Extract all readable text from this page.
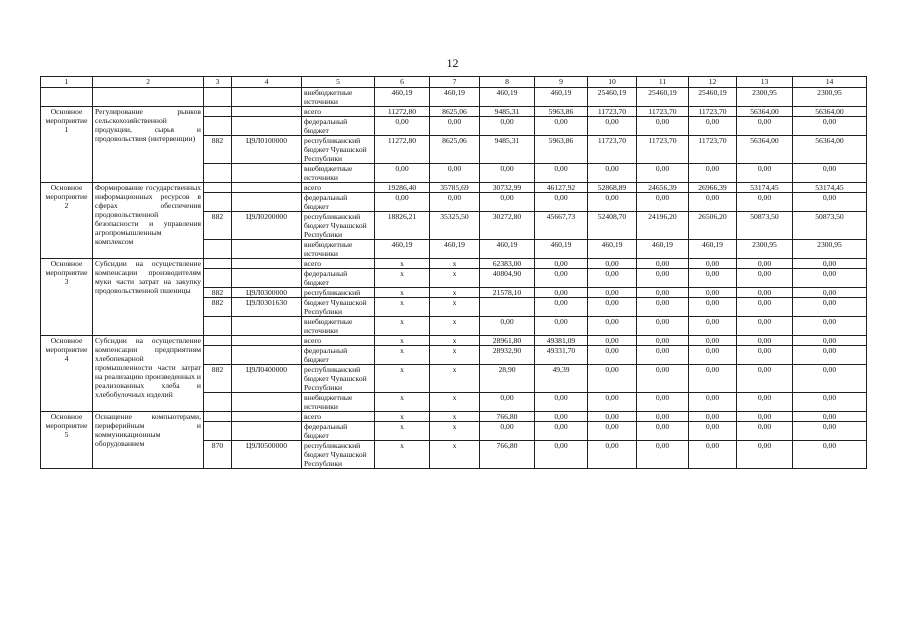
12
1	2	3	4	5	6	7	8	9	10	11	12	13	14
				внебюджетные источники	460,19	460,19	460,19	460,19	25460,19	25460,19	25460,19	2300,95	2300,95
Основное мероприятие 1	Регулирование рынков сельскохозяйственной продукции, сырья и продовольствия (интервенции)			всего	11272,80	8625,06	9485,31	5963,86	11723,70	11723,70	11723,70	56364,00	56364,00
				федеральный бюджет	0,00	0,00	0,00	0,00	0,00	0,00	0,00	0,00	0,00
		882	Ц9Л0100000	республиканский бюджет Чувашской Республики	11272,80	8625,06	9485,31	5963,86	11723,70	11723,70	11723,70	56364,00	56364,00
				внебюджетные источники	0,00	0,00	0,00	0,00	0,00	0,00	0,00	0,00	0,00
Основное мероприятие 2	Формирование государственных информационных ресурсов в сферах обеспечения продовольственной безопасности и управления агропромышленным комплексом			всего	19286,40	35785,69	30732,99	46127,92	52868,89	24656,39	26966,39	53174,45	53174,45
				федеральный бюджет	0,00	0,00	0,00	0,00	0,00	0,00	0,00	0,00	0,00
		882	Ц9Л0200000	республиканский бюджет Чувашской Республики	18826,21	35325,50	30272,80	45667,73	52408,70	24196,20	26506,20	50873,50	50873,50
				внебюджетные источники	460,19	460,19	460,19	460,19	460,19	460,19	460,19	2300,95	2300,95
Основное мероприятие 3	Субсидии на осуществление компенсации производителям муки части затрат на закупку продовольственной пшеницы			всего	х	х	62383,00	0,00	0,00	0,00	0,00	0,00	0,00
				федеральный бюджет	х	х	40804,90	0,00	0,00	0,00	0,00	0,00	0,00
		882	Ц9Л0300000	республиканский	х	х	21578,10	0,00	0,00	0,00	0,00	0,00	0,00
		882	Ц9Л0301630	бюджет Чувашской Республики	х	х		0,00	0,00	0,00	0,00	0,00	0,00
				внебюджетные источники	х	х	0,00	0,00	0,00	0,00	0,00	0,00	0,00
Основное мероприятие 4	Субсидии на осуществление компенсации предприятиям хлебопекарной промышленности части затрат на реализацию произведенных и реализованных хлеба и хлебобулочных изделий			всего	х	х	28961,80	49381,09	0,00	0,00	0,00	0,00	0,00
				федеральный бюджет	х	х	28932,90	49331,70	0,00	0,00	0,00	0,00	0,00
		882	Ц9Л0400000	республиканский бюджет Чувашской Республики	х	х	28,90	49,39	0,00	0,00	0,00	0,00	0,00
				внебюджетные источники	х	х	0,00	0,00	0,00	0,00	0,00	0,00	0,00
Основное мероприятие 5	Оснащение компьютерами, периферийным и коммуникационным оборудованием			всего	х	х	766,80	0,00	0,00	0,00	0,00	0,00	0,00
				федеральный бюджет	х	х	0,00	0,00	0,00	0,00	0,00	0,00	0,00
		870	Ц9Л0500000	республиканский бюджет Чувашской Республики	х	х	766,80	0,00	0,00	0,00	0,00	0,00	0,00
